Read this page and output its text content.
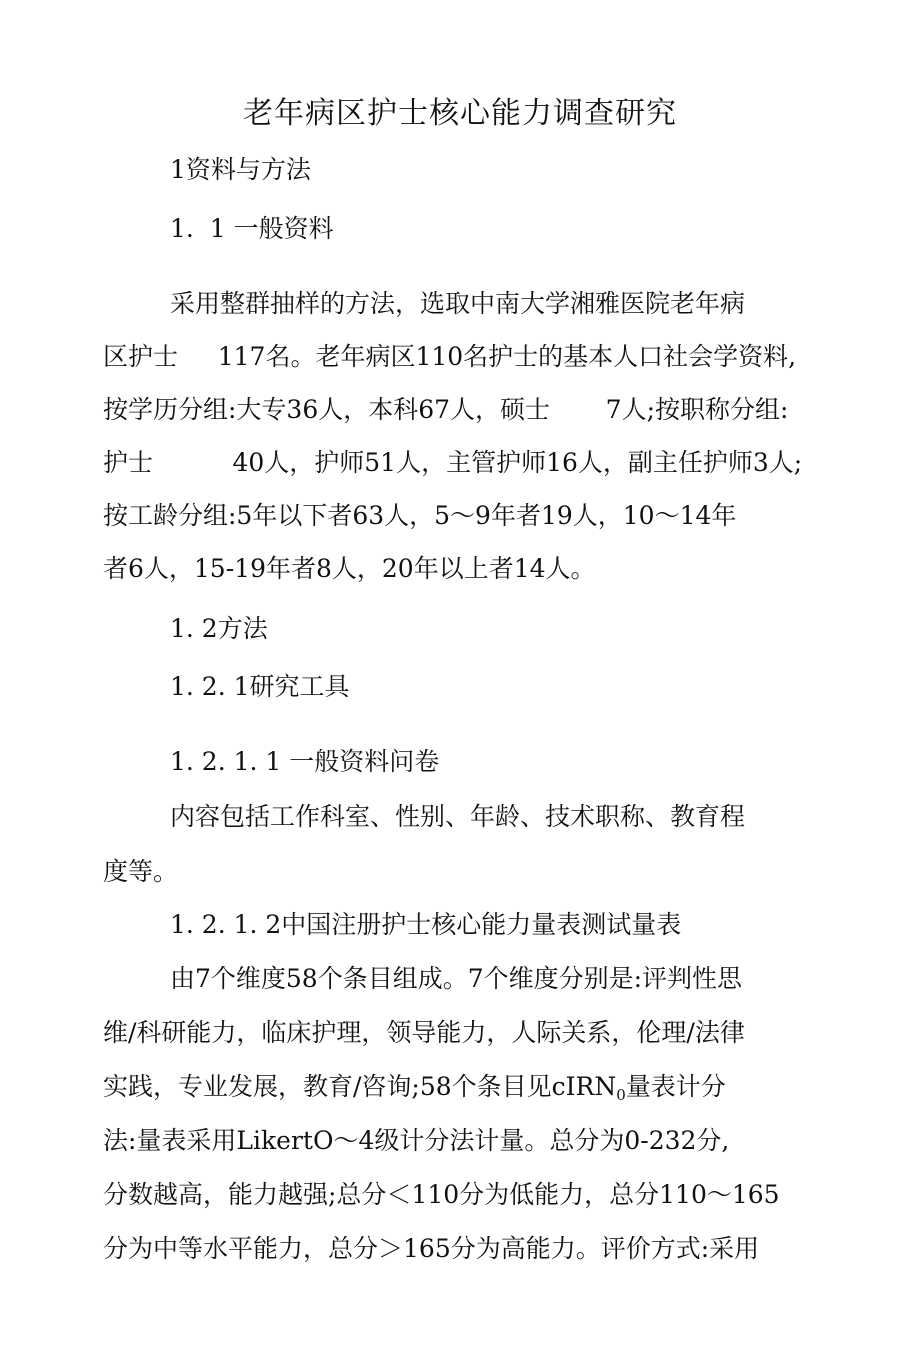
老年病区护士核心能力调查研究
1资料与方法
1.  1 一般资料
采用整群抽样的方法，选取中南大学湘雅医院老年病
区护士     117名。老年病区110名护士的基本人口社会学资料,
按学历分组:大专36人，本科67人，硕士       7人;按职称分组:
护士          40人，护师51人，主管护师16人，副主任护师3人;
按工龄分组:5年以下者63人，5〜9年者19人，10〜14年
者6人，15-19年者8人，20年以上者14人。
1. 2方法
1. 2. 1研究工具
1. 2. 1. 1 一般资料问卷
内容包括工作科室、性别、年龄、技术职称、教育程
度等。
1. 2. 1. 2中国注册护士核心能力量表测试量表
由7个维度58个条目组成。7个维度分别是:评判性思
维/科研能力，临床护理，领导能力，人际关系，伦理/法律
实践，专业发展，教育/咨询;58个条目见cIRN$_0$量表计分
法:量表采用LikertO〜4级计分法计量。总分为0-232分,
分数越高，能力越强;总分＜110分为低能力，总分110〜165
分为中等水平能力，总分＞165分为高能力。评价方式:采用
